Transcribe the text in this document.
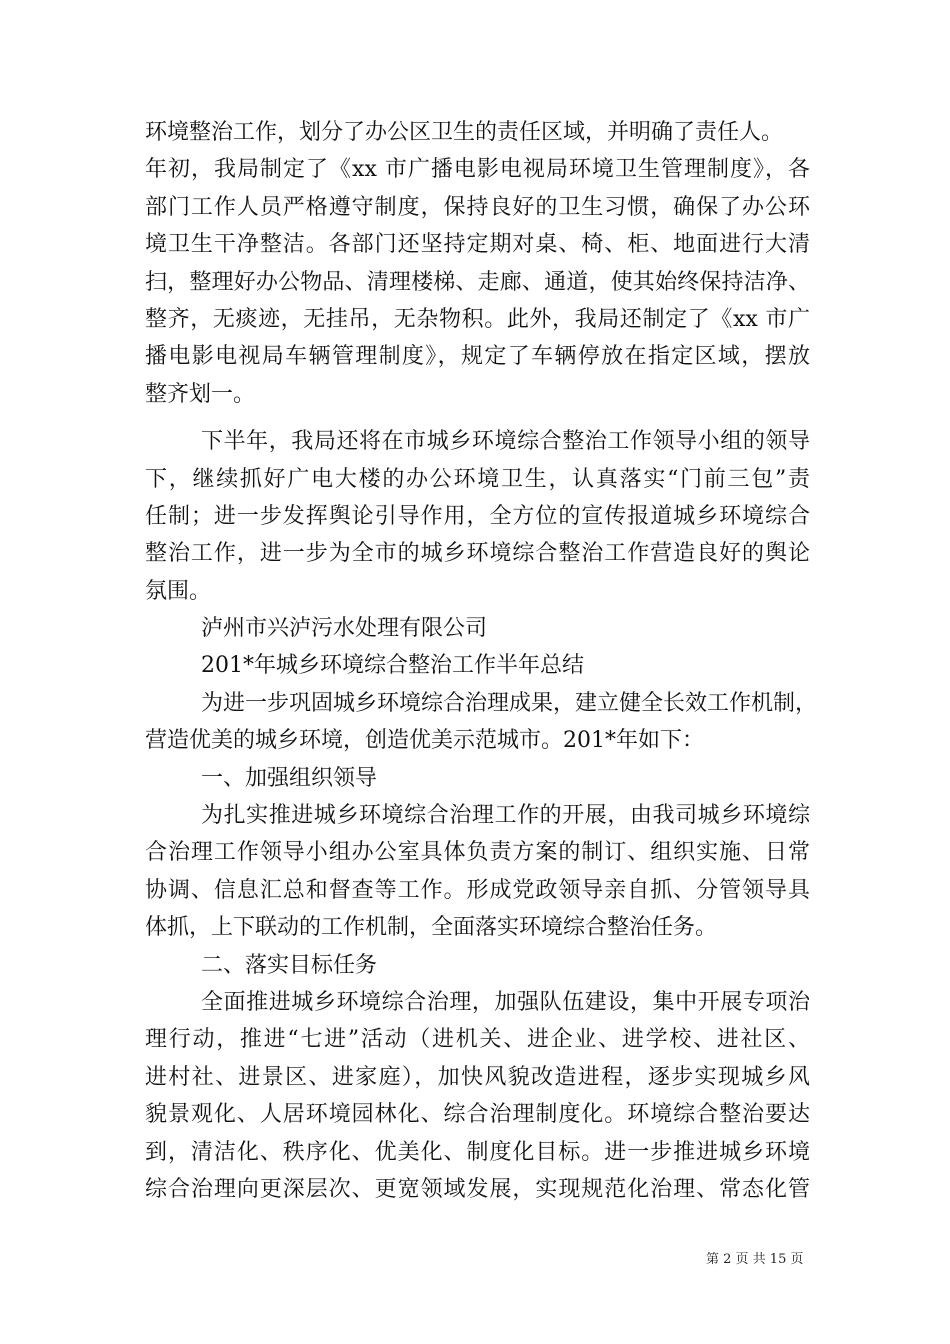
环境整治工作，划分了办公区卫生的责任区域，并明确了责任人。
年初，我局制定了《xx 市广播电影电视局环境卫生管理制度》，各
部门工作人员严格遵守制度，保持良好的卫生习惯，确保了办公环
境卫生干净整洁。各部门还坚持定期对桌、椅、柜、地面进行大清
扫，整理好办公物品、清理楼梯、走廊、通道，使其始终保持洁净、
整齐，无痰迹，无挂吊，无杂物积。此外，我局还制定了《xx 市广
播电影电视局车辆管理制度》，规定了车辆停放在指定区域，摆放
整齐划一。
下半年，我局还将在市城乡环境综合整治工作领导小组的领导
下，继续抓好广电大楼的办公环境卫生，认真落实“门前三包”责
任制；进一步发挥舆论引导作用，全方位的宣传报道城乡环境综合
整治工作，进一步为全市的城乡环境综合整治工作营造良好的舆论
氛围。
泸州市兴泸污水处理有限公司
201*年城乡环境综合整治工作半年总结
为进一步巩固城乡环境综合治理成果，建立健全长效工作机制，
营造优美的城乡环境，创造优美示范城市。201*年如下：
一、加强组织领导
为扎实推进城乡环境综合治理工作的开展，由我司城乡环境综
合治理工作领导小组办公室具体负责方案的制订、组织实施、日常
协调、信息汇总和督查等工作。形成党政领导亲自抓、分管领导具
体抓，上下联动的工作机制，全面落实环境综合整治任务。
二、落实目标任务
全面推进城乡环境综合治理，加强队伍建设，集中开展专项治
理行动，推进“七进”活动（进机关、进企业、进学校、进社区、
进村社、进景区、进家庭），加快风貌改造进程，逐步实现城乡风
貌景观化、人居环境园林化、综合治理制度化。环境综合整治要达
到，清洁化、秩序化、优美化、制度化目标。进一步推进城乡环境
综合治理向更深层次、更宽领域发展，实现规范化治理、常态化管
第 2 页 共 15 页
